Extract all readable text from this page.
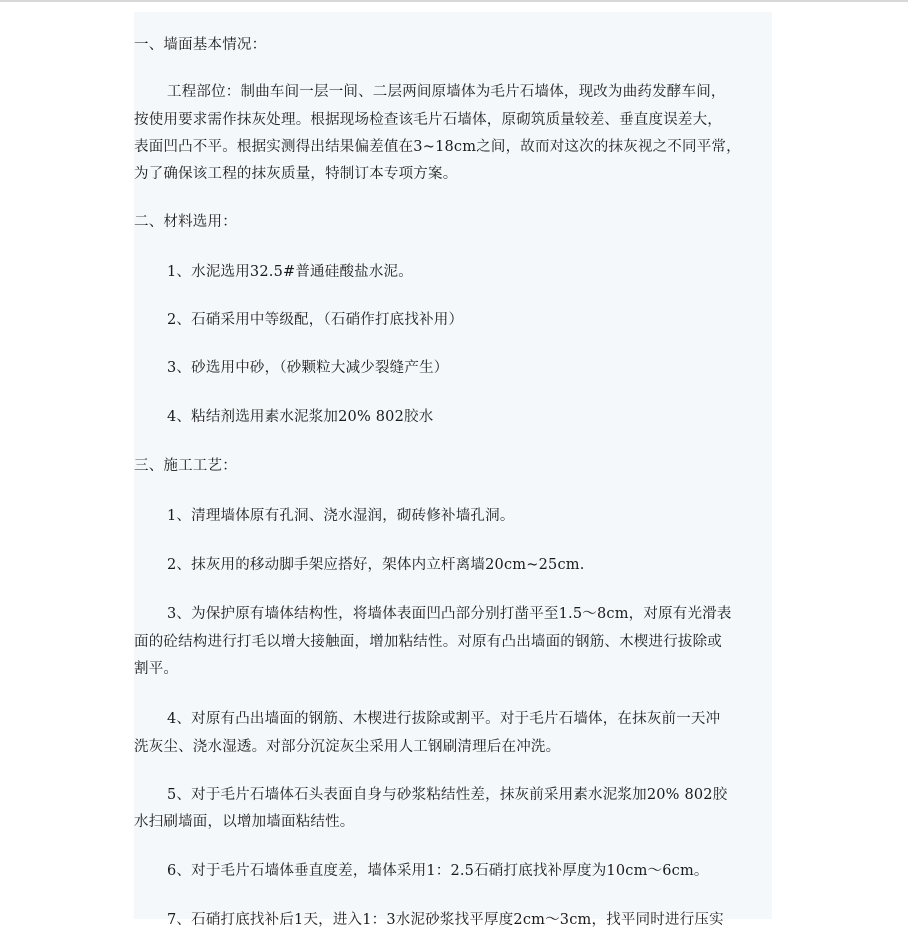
一、墙面基本情况：
工程部位：制曲车间一层一间、二层两间原墙体为毛片石墙体，现改为曲药发酵车间，
按使用要求需作抹灰处理。根据现场检查该毛片石墙体，原砌筑质量较差、垂直度误差大，
表面凹凸不平。根据实测得出结果偏差值在3~18cm之间，故而对这次的抹灰视之不同平常，
为了确保该工程的抹灰质量，特制订本专项方案。
二、材料选用：
1、水泥选用32.5#普通硅酸盐水泥。
2、石硝采用中等级配，（石硝作打底找补用）
3、砂选用中砂，（砂颗粒大减少裂缝产生）
4、粘结剂选用素水泥浆加20% 802胶水
三、施工工艺：
1、清理墙体原有孔洞、浇水湿润，砌砖修补墙孔洞。
2、抹灰用的移动脚手架应搭好，架体内立杆离墙20cm~25cm.
3、为保护原有墙体结构性，将墙体表面凹凸部分别打凿平至1.5～8cm，对原有光滑表
面的砼结构进行打毛以增大接触面，增加粘结性。对原有凸出墙面的钢筋、木楔进行拔除或
割平。
4、对原有凸出墙面的钢筋、木楔进行拔除或割平。对于毛片石墙体，在抹灰前一天冲
洗灰尘、浇水湿透。对部分沉淀灰尘采用人工钢刷清理后在冲洗。
5、对于毛片石墙体石头表面自身与砂浆粘结性差，抹灰前采用素水泥浆加20% 802胶
水扫刷墙面，以增加墙面粘结性。
6、对于毛片石墙体垂直度差，墙体采用1：2.5石硝打底找补厚度为10cm～6cm。
7、石硝打底找补后1天，进入1：3水泥砂浆找平厚度2cm～3cm，找平同时进行压实
